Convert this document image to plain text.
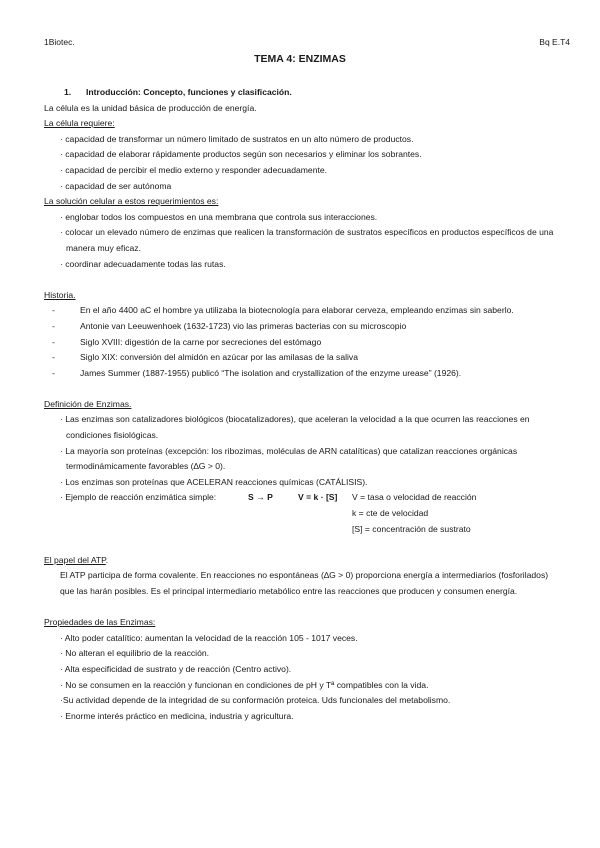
1Biotec.	Bq E.T4
TEMA 4: ENZIMAS
1. Introducción: Concepto, funciones y clasificación.
La célula es la unidad básica de producción de energía.
La célula requiere:
· capacidad de transformar un número limitado de sustratos en un alto número de productos.
· capacidad de elaborar rápidamente productos según son necesarios y eliminar los sobrantes.
· capacidad de percibir el medio externo y responder adecuadamente.
· capacidad de ser autónoma
La solución celular a estos requerimientos es:
· englobar todos los compuestos en una membrana que controla sus interacciones.
· colocar un elevado número de enzimas que realicen la transformación de sustratos específicos en productos específicos de una manera muy eficaz.
· coordinar adecuadamente todas las rutas.
Historia.
-	En el año 4400 aC el hombre ya utilizaba la biotecnología para elaborar cerveza, empleando enzimas sin saberlo.
-	Antonie van Leeuwenhoek (1632-1723) vio las primeras bacterias con su microscopio
-	Siglo XVIII: digestión de la carne por secreciones del estómago
-	Siglo XIX: conversión del almidón en azúcar por las amilasas de la saliva
-	James Summer (1887-1955) publicó “The isolation and crystallization of the enzyme urease” (1926).
Definición de Enzimas.
· Las enzimas son catalizadores biológicos (biocatalizadores), que aceleran la velocidad a la que ocurren las reacciones en condiciones fisiológicas.
· La mayoría son proteínas (excepción: los ribozimas, moléculas de ARN catalíticas) que catalizan reacciones orgánicas termodinámicamente favorables (∆G > 0).
· Los enzimas son proteínas que ACELERAN reacciones químicas (CATÁLISIS).
· Ejemplo de reacción enzimática simple:	S → P	V = k · [S] V = tasa o velocidad de reacción
k = cte de velocidad
[S] = concentración de sustrato
El papel del ATP.
El ATP participa de forma covalente. En reacciones no espontáneas (∆G > 0) proporciona energía a intermediarios (fosforilados) que las harán posibles. Es el principal intermediario metabólico entre las reacciones que producen y consumen energía.
Propiedades de las Enzimas:
· Alto poder catalítico: aumentan la velocidad de la reacción 105 - 1017 veces.
· No alteran el equilibrio de la reacción.
· Alta especificidad de sustrato y de reacción (Centro activo).
· No se consumen en la reacción y funcionan en condiciones de pH y Tª compatibles con la vida.
·Su actividad depende de la integridad de su conformación proteica. Uds funcionales del metabolismo.
· Enorme interés práctico en medicina, industria y agricultura.
